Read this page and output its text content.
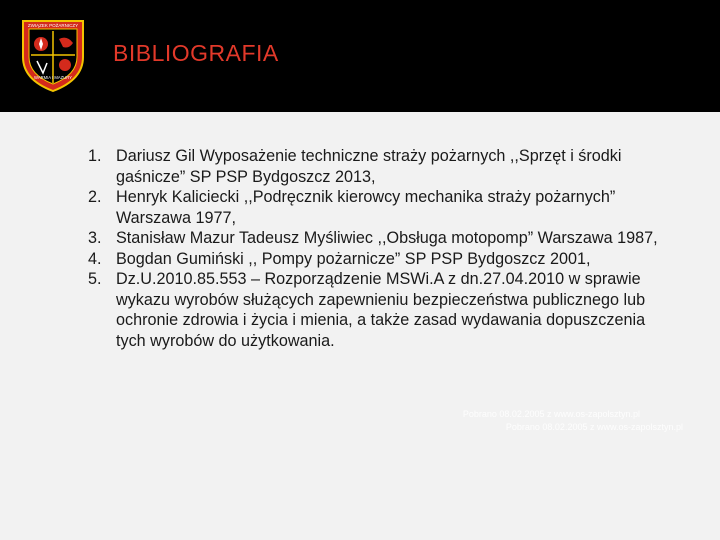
ZWIĄZEK POŻARNICZY
WARMIA I MAZURY
BIBLIOGRAFIA
1. Dariusz Gil Wyposażenie techniczne straży pożarnych ,,Sprzęt i środki gaśnicze” SP PSP Bydgoszcz 2013,
2. Henryk Kaliciecki ,,Podręcznik kierowcy mechanika straży pożarnych” Warszawa 1977,
3. Stanisław Mazur Tadeusz Myśliwiec ,,Obsługa motopomp” Warszawa 1987,
4. Bogdan Gumiński ,, Pompy pożarnicze” SP PSP Bydgoszcz 2001,
5. Dz.U.2010.85.553 – Rozporządzenie MSWi.A z dn.27.04.2010 w sprawie wykazu wyrobów służących zapewnieniu bezpieczeństwa publicznego lub ochronie zdrowia i życia i mienia, a także zasad wydawania dopuszczenia tych wyrobów do użytkowania.
Pobrano 08.02.2005 z www.os-zapolsztyn.pl
Pobrano 08.02.2005 z www.os-zapolsztyn.pl
